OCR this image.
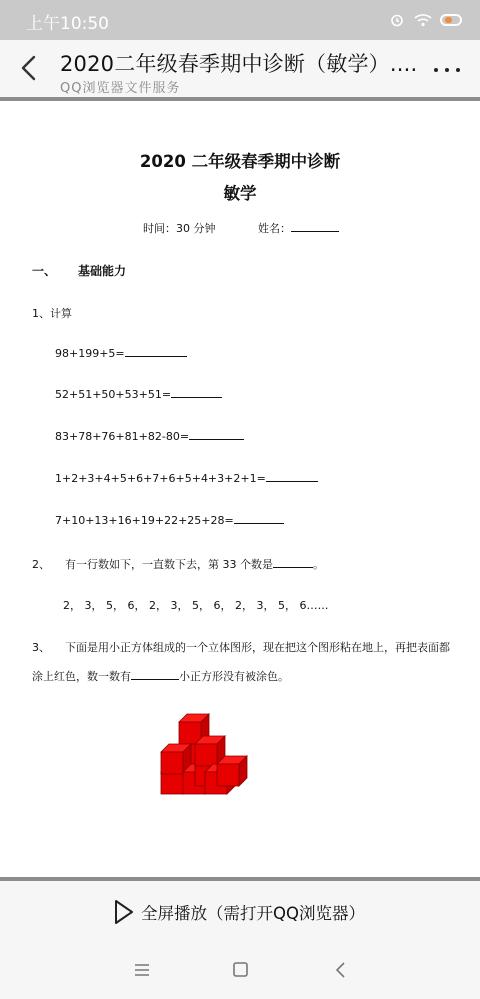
上午10:50
2020二年级春季期中诊断（敏学）....
QQ浏览器文件服务
2020 二年级春季期中诊断
敏学
时间：30 分钟	姓名：
一、 基础能力
1、计算
98+199+5=
52+51+50+53+51=
83+78+76+81+82-80=
1+2+3+4+5+6+7+6+5+4+3+2+1=
7+10+13+16+19+22+25+28=
2、 有一行数如下，一直数下去，第 33 个数是	。
2， 3， 5， 6， 2， 3， 5， 6， 2， 3， 5， 6……
3、 下面是用小正方体组成的一个立体图形，现在把这个图形粘在地上，再把表面都
涂上红色，数一数有	小正方形没有被涂色。
全屏播放（需打开QQ浏览器）
